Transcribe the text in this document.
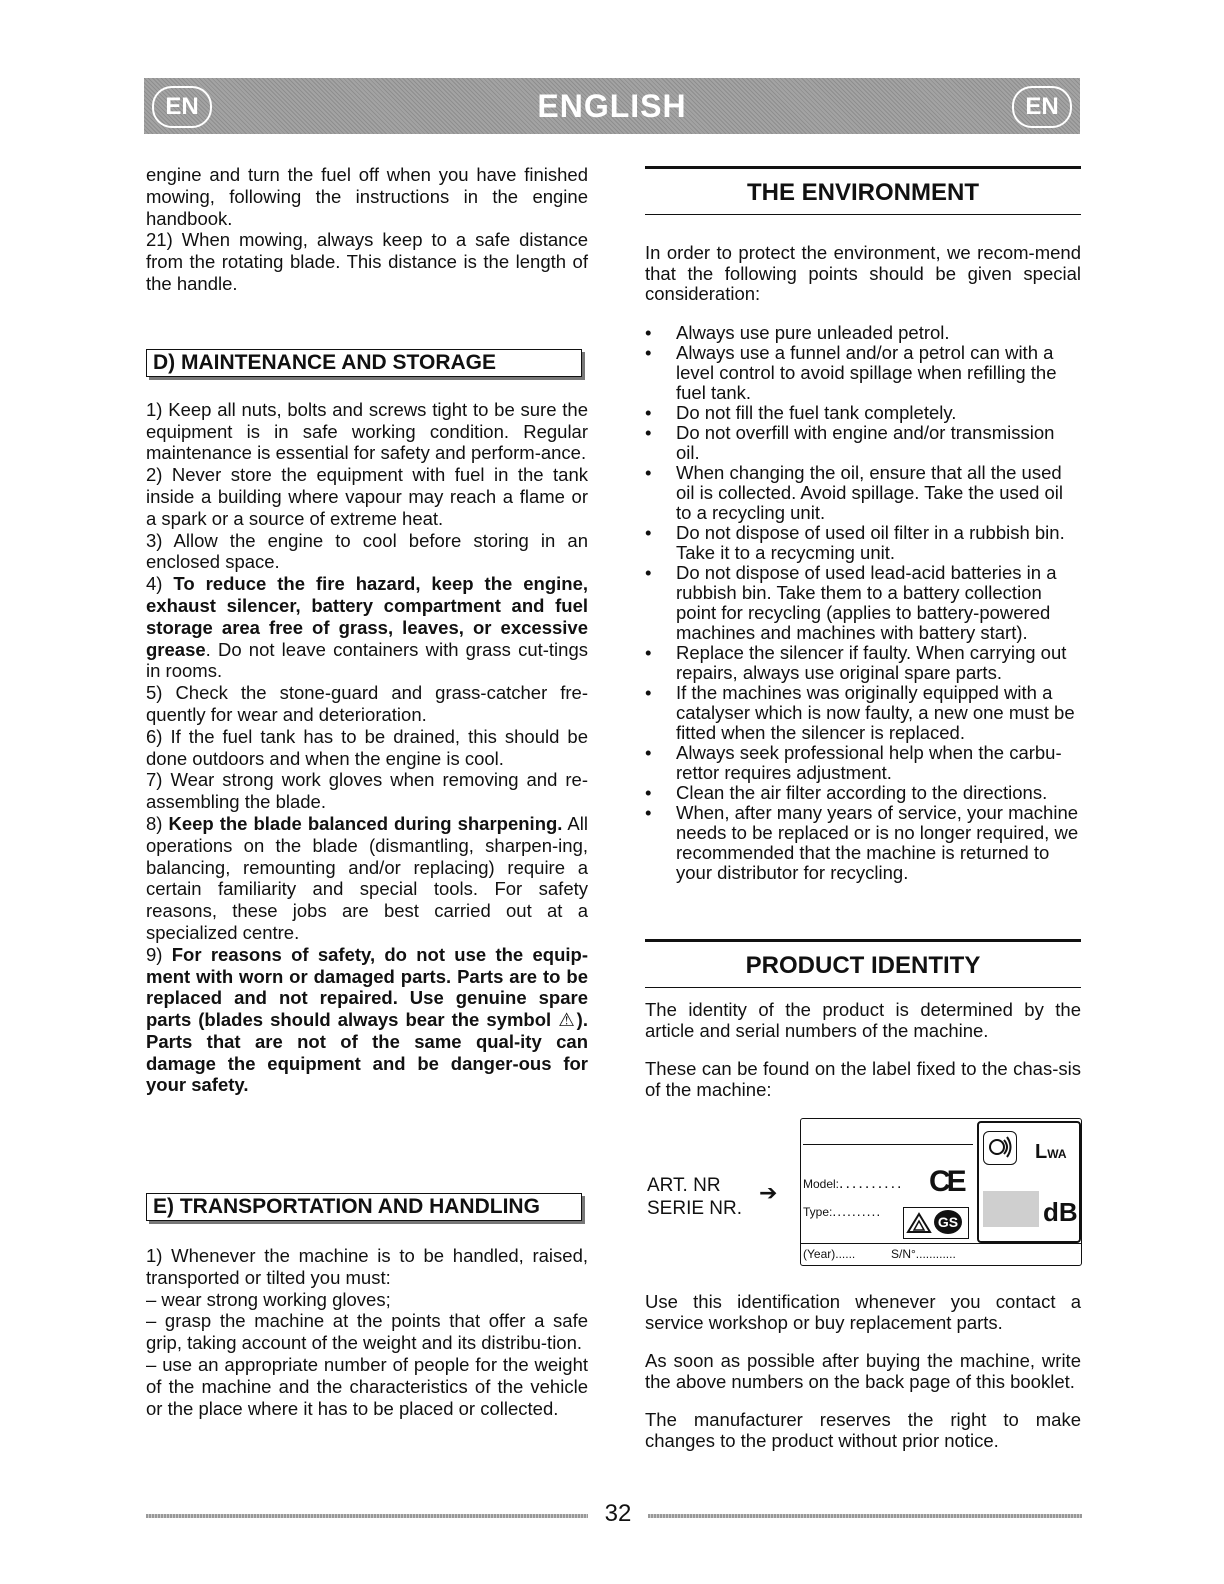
EN	ENGLISH	EN

engine and turn the fuel off when you have finished mowing, following the instructions in the engine handbook.

21) When mowing, always keep to a safe distance from the rotating blade. This distance is the length of the handle.

D) MAINTENANCE AND STORAGE

1) Keep all nuts, bolts and screws tight to be sure the equipment is in safe working condition. Regular maintenance is essential for safety and perform-ance.

2) Never store the equipment with fuel in the tank inside a building where vapour may reach a flame or a spark or a source of extreme heat.

3) Allow the engine to cool before storing in an enclosed space.

4) To reduce the fire hazard, keep the engine, exhaust silencer, battery compartment and fuel storage area free of grass, leaves, or excessive grease. Do not leave containers with grass cut-tings in rooms.

5) Check the stone-guard and grass-catcher fre-quently for wear and deterioration.

6) If the fuel tank has to be drained, this should be done outdoors and when the engine is cool.

7) Wear strong work gloves when removing and re-assembling the blade.

8) Keep the blade balanced during sharpening. All operations on the blade (dismantling, sharpen-ing, balancing, remounting and/or replacing) require a certain familiarity and special tools. For safety reasons, these jobs are best carried out at a specialized centre.

9) For reasons of safety, do not use the equip-ment with worn or damaged parts. Parts are to be replaced and not repaired. Use genuine spare parts (blades should always bear the symbol ⚠). Parts that are not of the same qual-ity can damage the equipment and be danger-ous for your safety.

E) TRANSPORTATION AND HANDLING

1) Whenever the machine is to be handled, raised, transported or tilted you must:

– wear strong working gloves;

– grasp the machine at the points that offer a safe grip, taking account of the weight and its distribu-tion.

– use an appropriate number of people for the weight of the machine and the characteristics of the vehicle or the place where it has to be placed or collected.

THE ENVIRONMENT

In order to protect the environment, we recom-mend that the following points should be given special consideration:

• Always use pure unleaded petrol.
• Always use a funnel and/or a petrol can with a level control to avoid spillage when refilling the fuel tank.
• Do not fill the fuel tank completely.
• Do not overfill with engine and/or transmission oil.
• When changing the oil, ensure that all the used oil is collected. Avoid spillage. Take the used oil to a recycling unit.
• Do not dispose of used oil filter in a rubbish bin. Take it to a recycming unit.
• Do not dispose of used lead-acid batteries in a rubbish bin. Take them to a battery collection point for recycling (applies to battery-powered machines and machines with battery start).
• Replace the silencer if faulty. When carrying out repairs, always use original spare parts.
• If the machines was originally equipped with a catalyser which is now faulty, a new one must be fitted when the silencer is replaced.
• Always seek professional help when the carbu-rettor requires adjustment.
• Clean the air filter according to the directions.
• When, after many years of service, your machine needs to be replaced or is no longer required, we recommended that the machine is returned to your distributor for recycling.
PRODUCT IDENTITY

The identity of the product is determined by the article and serial numbers of the machine.

These can be found on the label fixed to the chas-sis of the machine:

ART. NR
SERIE NR.
➔ Model:.......... CE
Type:..........
GS
(Year)......	S/N°............
LWA
dB

Use this identification whenever you contact a service workshop or buy replacement parts.

As soon as possible after buying the machine, write the above numbers on the back page of this booklet.

The manufacturer reserves the right to make changes to the product without prior notice.

32
